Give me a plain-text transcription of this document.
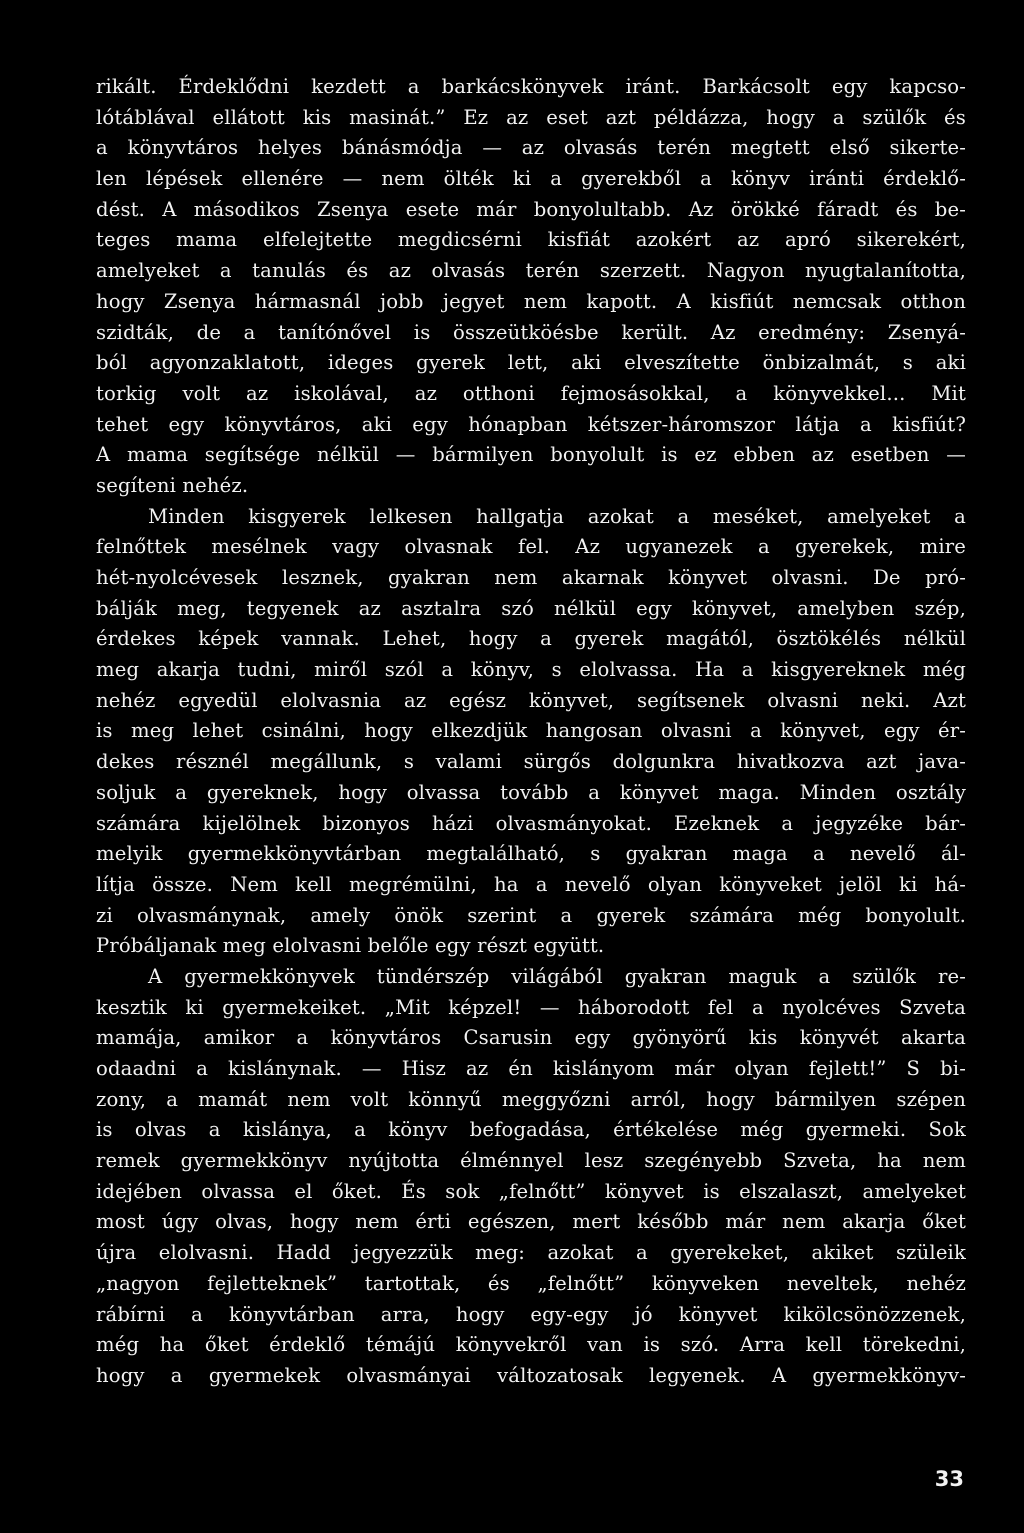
rikált. Érdeklődni kezdett a barkácskönyvek iránt. Barkácsolt egy kapcso-
lótáblával ellátott kis masinát.” Ez az eset azt példázza, hogy a szülők és
a könyvtáros helyes bánásmódja — az olvasás terén megtett első sikerte-
len lépések ellenére — nem ölték ki a gyerekből a könyv iránti érdeklő-
dést. A másodikos Zsenya esete már bonyolultabb. Az örökké fáradt és be-
teges mama elfelejtette megdicsérni kisfiát azokért az apró sikerekért,
amelyeket a tanulás és az olvasás terén szerzett. Nagyon nyugtalanította,
hogy Zsenya hármasnál jobb jegyet nem kapott. A kisfiút nemcsak otthon
szidták, de a tanítónővel is összeütköésbe került. Az eredmény: Zsenyá-
ból agyonzaklatott, ideges gyerek lett, aki elveszítette önbizalmát, s aki
torkig volt az iskolával, az otthoni fejmosásokkal, a könyvekkel... Mit
tehet egy könyvtáros, aki egy hónapban kétszer-háromszor látja a kisfiút?
A mama segítsége nélkül — bármilyen bonyolult is ez ebben az esetben —
segíteni nehéz.
Minden kisgyerek lelkesen hallgatja azokat a meséket, amelyeket a
felnőttek mesélnek vagy olvasnak fel. Az ugyanezek a gyerekek, mire
hét-nyolcévesek lesznek, gyakran nem akarnak könyvet olvasni. De pró-
bálják meg, tegyenek az asztalra szó nélkül egy könyvet, amelyben szép,
érdekes képek vannak. Lehet, hogy a gyerek magától, ösztökélés nélkül
meg akarja tudni, miről szól a könyv, s elolvassa. Ha a kisgyereknek még
nehéz egyedül elolvasnia az egész könyvet, segítsenek olvasni neki. Azt
is meg lehet csinálni, hogy elkezdjük hangosan olvasni a könyvet, egy ér-
dekes résznél megállunk, s valami sürgős dolgunkra hivatkozva azt java-
soljuk a gyereknek, hogy olvassa tovább a könyvet maga. Minden osztály
számára kijelölnek bizonyos házi olvasmányokat. Ezeknek a jegyzéke bár-
melyik gyermekkönyvtárban megtalálható, s gyakran maga a nevelő ál-
lítja össze. Nem kell megrémülni, ha a nevelő olyan könyveket jelöl ki há-
zi olvasmánynak, amely önök szerint a gyerek számára még bonyolult.
Próbáljanak meg elolvasni belőle egy részt együtt.
A gyermekkönyvek tündérszép világából gyakran maguk a szülők re-
kesztik ki gyermekeiket. „Mit képzel! — háborodott fel a nyolcéves Szveta
mamája, amikor a könyvtáros Csarusin egy gyönyörű kis könyvét akarta
odaadni a kislánynak. — Hisz az én kislányom már olyan fejlett!” S bi-
zony, a mamát nem volt könnyű meggyőzni arról, hogy bármilyen szépen
is olvas a kislánya, a könyv befogadása, értékelése még gyermeki. Sok
remek gyermekkönyv nyújtotta élménnyel lesz szegényebb Szveta, ha nem
idejében olvassa el őket. És sok „felnőtt” könyvet is elszalaszt, amelyeket
most úgy olvas, hogy nem érti egészen, mert később már nem akarja őket
újra elolvasni. Hadd jegyezzük meg: azokat a gyerekeket, akiket szüleik
„nagyon fejletteknek” tartottak, és „felnőtt” könyveken neveltek, nehéz
rábírni a könyvtárban arra, hogy egy-egy jó könyvet kikölcsönözzenek,
még ha őket érdeklő témájú könyvekről van is szó. Arra kell törekedni,
hogy a gyermekek olvasmányai változatosak legyenek. A gyermekkönyv-
33
